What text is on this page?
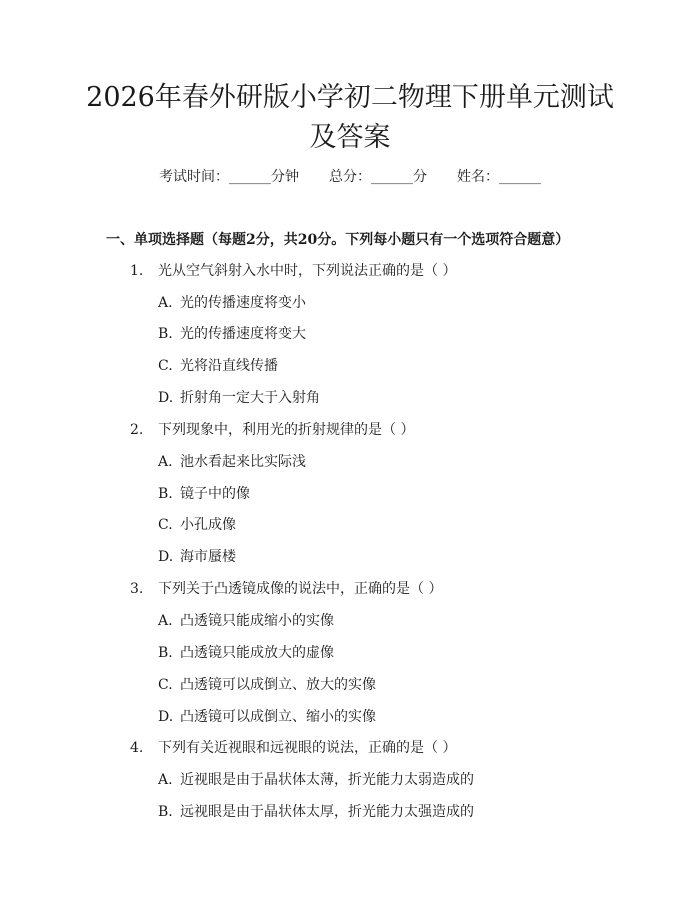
2026年春外研版小学初二物理下册单元测试
及答案
考试时间：______分钟 总分：______分 姓名：______
一、单项选择题（每题2分，共20分。下列每小题只有一个选项符合题意）
1. 光从空气斜射入水中时，下列说法正确的是（ ）
A. 光的传播速度将变小
B. 光的传播速度将变大
C. 光将沿直线传播
D. 折射角一定大于入射角
2. 下列现象中，利用光的折射规律的是（ ）
A. 池水看起来比实际浅
B. 镜子中的像
C. 小孔成像
D. 海市蜃楼
3. 下列关于凸透镜成像的说法中，正确的是（ ）
A. 凸透镜只能成缩小的实像
B. 凸透镜只能成放大的虚像
C. 凸透镜可以成倒立、放大的实像
D. 凸透镜可以成倒立、缩小的实像
4. 下列有关近视眼和远视眼的说法，正确的是（ ）
A. 近视眼是由于晶状体太薄，折光能力太弱造成的
B. 远视眼是由于晶状体太厚，折光能力太强造成的
